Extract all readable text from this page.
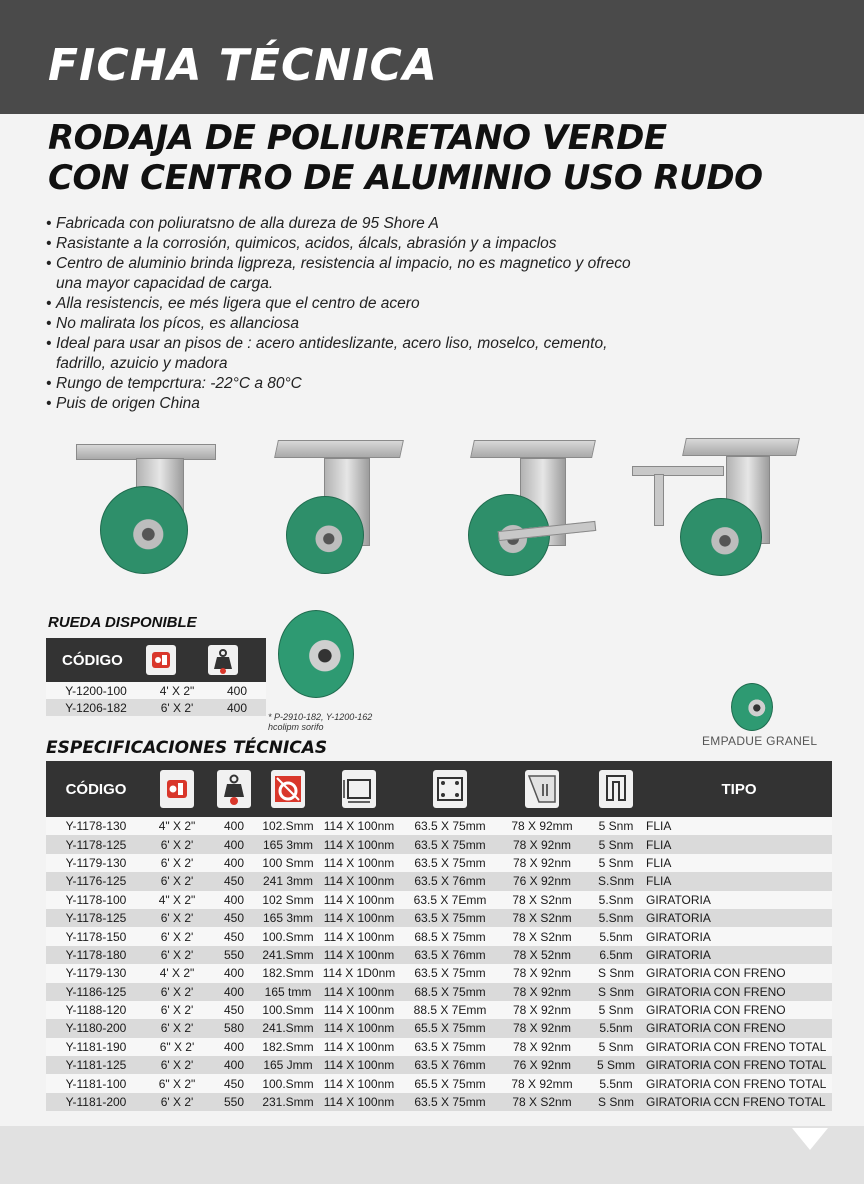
FICHA TÉCNICA
RODAJA DE POLIURETANO VERDE
CON CENTRO DE ALUMINIO USO RUDO
• Fabricada con poliuratsno de alla dureza de 95 Shore A
• Rasistante a la corrosión, quimicos, acidos, álcals, abrasión y a impaclos
• Centro de aluminio brinda ligpreza, resistencia al impacio, no es magnetico y ofreco una mayor capacidad de carga.
• Alla resistencis, ee més ligera que el centro de acero
• No malirata los pícos, es allanciosa
• Ideal para usar an pisos de : acero antideslizante, acero liso, moselco, cemento, fadrillo, azuicio y madora
• Rungo de tempcrtura: -22°C a 80°C
• Puis de origen China
RUEDA DISPONIBLE
CÓDIGO	

Y-1200-100	4' X 2"	400
Y-1206-182	6' X 2'	400

* P-2910-182, Y-1200-162
hcolipm sorifo

EMPADUE GRANEL

ESPECIFICACIONES TÉCNICAS
CÓDIGO								TIPO
Y-1178-130	4" X 2"	400	102.Smm	114 X 100nm	63.5 X 75mm	78 X 92mm	5 Snm	FLIA
Y-1178-125	6' X 2'	400	165 3mm	114 X 100nm	63.5 X 75mm	78 X 92nm	5 Snm	FLIA
Y-1179-130	6' X 2'	400	100 Smm	114 X 100nm	63.5 X 75mm	78 X 92nm	5 Snm	FLIA
Y-1176-125	6' X 2'	450	241 3mm	114 X 100nm	63.5 X 76mm	76 X 92nm	S.Snm	FLIA
Y-1178-100	4" X 2"	400	102 Smm	114 X 100nm	63.5 X 7Emm	78 X S2nm	5.Snm	GIRATORIA
Y-1178-125	6' X 2'	450	165 3mm	114 X 100nm	63.5 X 75mm	78 X S2nm	5.Snm	GIRATORIA
Y-1178-150	6' X 2'	450	100.Smm	114 X 100nm	68.5 X 75mm	78 X S2nm	5.5nm	GIRATORIA
Y-1178-180	6' X 2'	550	241.Smm	114 X 100nm	63.5 X 76mm	78 X 52nm	6.5nm	GIRATORIA
Y-1179-130	4' X 2"	400	182.Smm	114 X 1D0nm	63.5 X 75mm	78 X 92nm	S Snm	GIRATORIA CON FRENO
Y-1186-125	6' X 2'	400	165 tmm	114 X 100nm	68.5 X 75mm	78 X 92nm	S Snm	GIRATORIA CON FRENO
Y-1188-120	6' X 2'	450	100.Smm	114 X 100nm	88.5 X 7Emm	78 X 92nm	5 Snm	GIRATORIA CON FRENO
Y-1180-200	6' X 2'	580	241.Smm	114 X 100nm	65.5 X 75mm	78 X 92nm	5.5nm	GIRATORIA CON FRENO
Y-1181-190	6" X 2'	400	182.Smm	114 X 100nm	63.5 X 75mm	78 X 92nm	5 Snm	GIRATORIA CON FRENO TOTAL
Y-1181-125	6' X 2'	400	165 Jmm	114 X 100nm	63.5 X 76mm	76 X 92nm	5 Smm	GIRATORIA CON FRENO TOTAL
Y-1181-100	6" X 2"	450	100.Smm	114 X 100nm	65.5 X 75mm	78 X 92mm	5.5nm	GIRATORIA CON FRENO TOTAL
Y-1181-200	6' X 2'	550	231.Smm	114 X 100nm	63.5 X 75mm	78 X S2nm	S Snm	GIRATORIA CCN FRENO TOTAL
